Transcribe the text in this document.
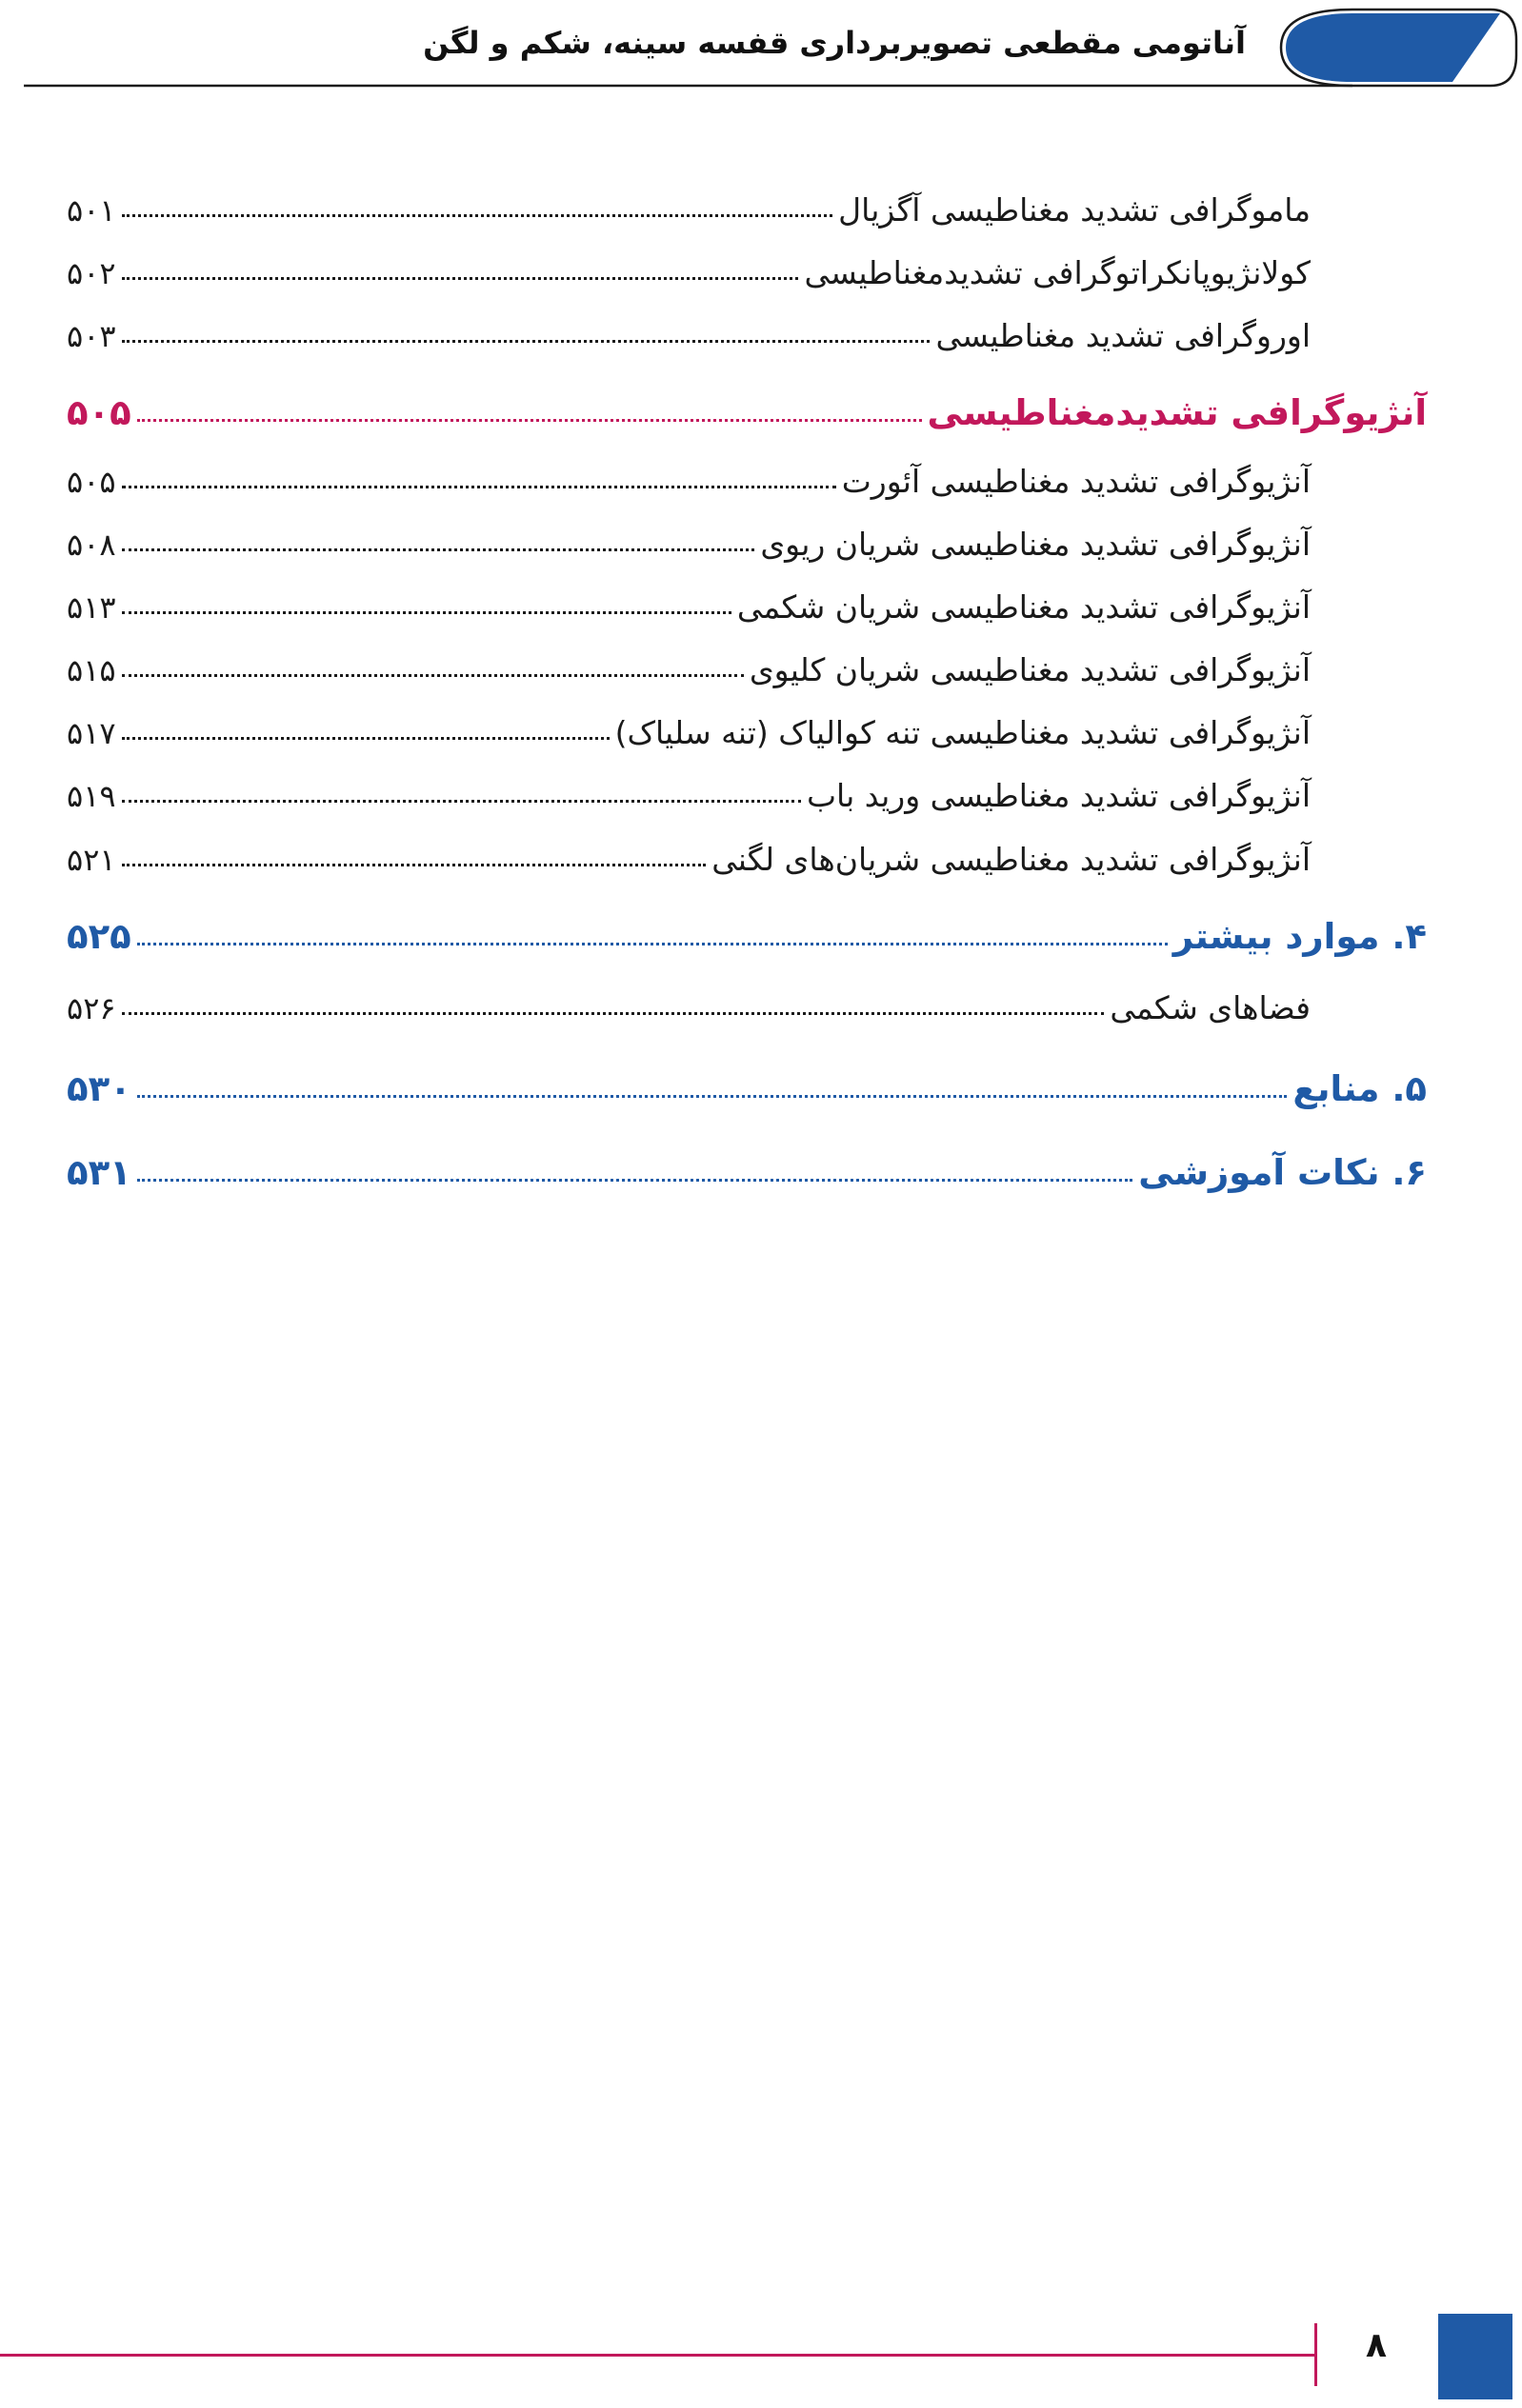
آناتومی مقطعی تصویربرداری قفسه سینه، شکم و لگن
ماموگرافی تشدید مغناطیسی آگزیال
۵۰۱
کولانژیوپانکراتوگرافی تشدیدمغناطیسی
۵۰۲
اوروگرافی تشدید مغناطیسی
۵۰۳
آنژیوگرافی تشدیدمغناطیسی
۵۰۵
آنژیوگرافی تشدید مغناطیسی آئورت
۵۰۵
آنژیوگرافی تشدید مغناطیسی شریان ریوی
۵۰۸
آنژیوگرافی تشدید مغناطیسی شریان شکمی
۵۱۳
آنژیوگرافی تشدید مغناطیسی شریان کلیوی
۵۱۵
آنژیوگرافی تشدید مغناطیسی تنه کوالیاک (تنه سلیاک)
۵۱۷
آنژیوگرافی تشدید مغناطیسی ورید باب
۵۱۹
آنژیوگرافی تشدید مغناطیسی شریان‌های لگنی
۵۲۱
۴. موارد بیشتر
۵۲۵
فضاهای شکمی
۵۲۶
۵. منابع
۵۳۰
۶. نکات آموزشی
۵۳۱
۸
